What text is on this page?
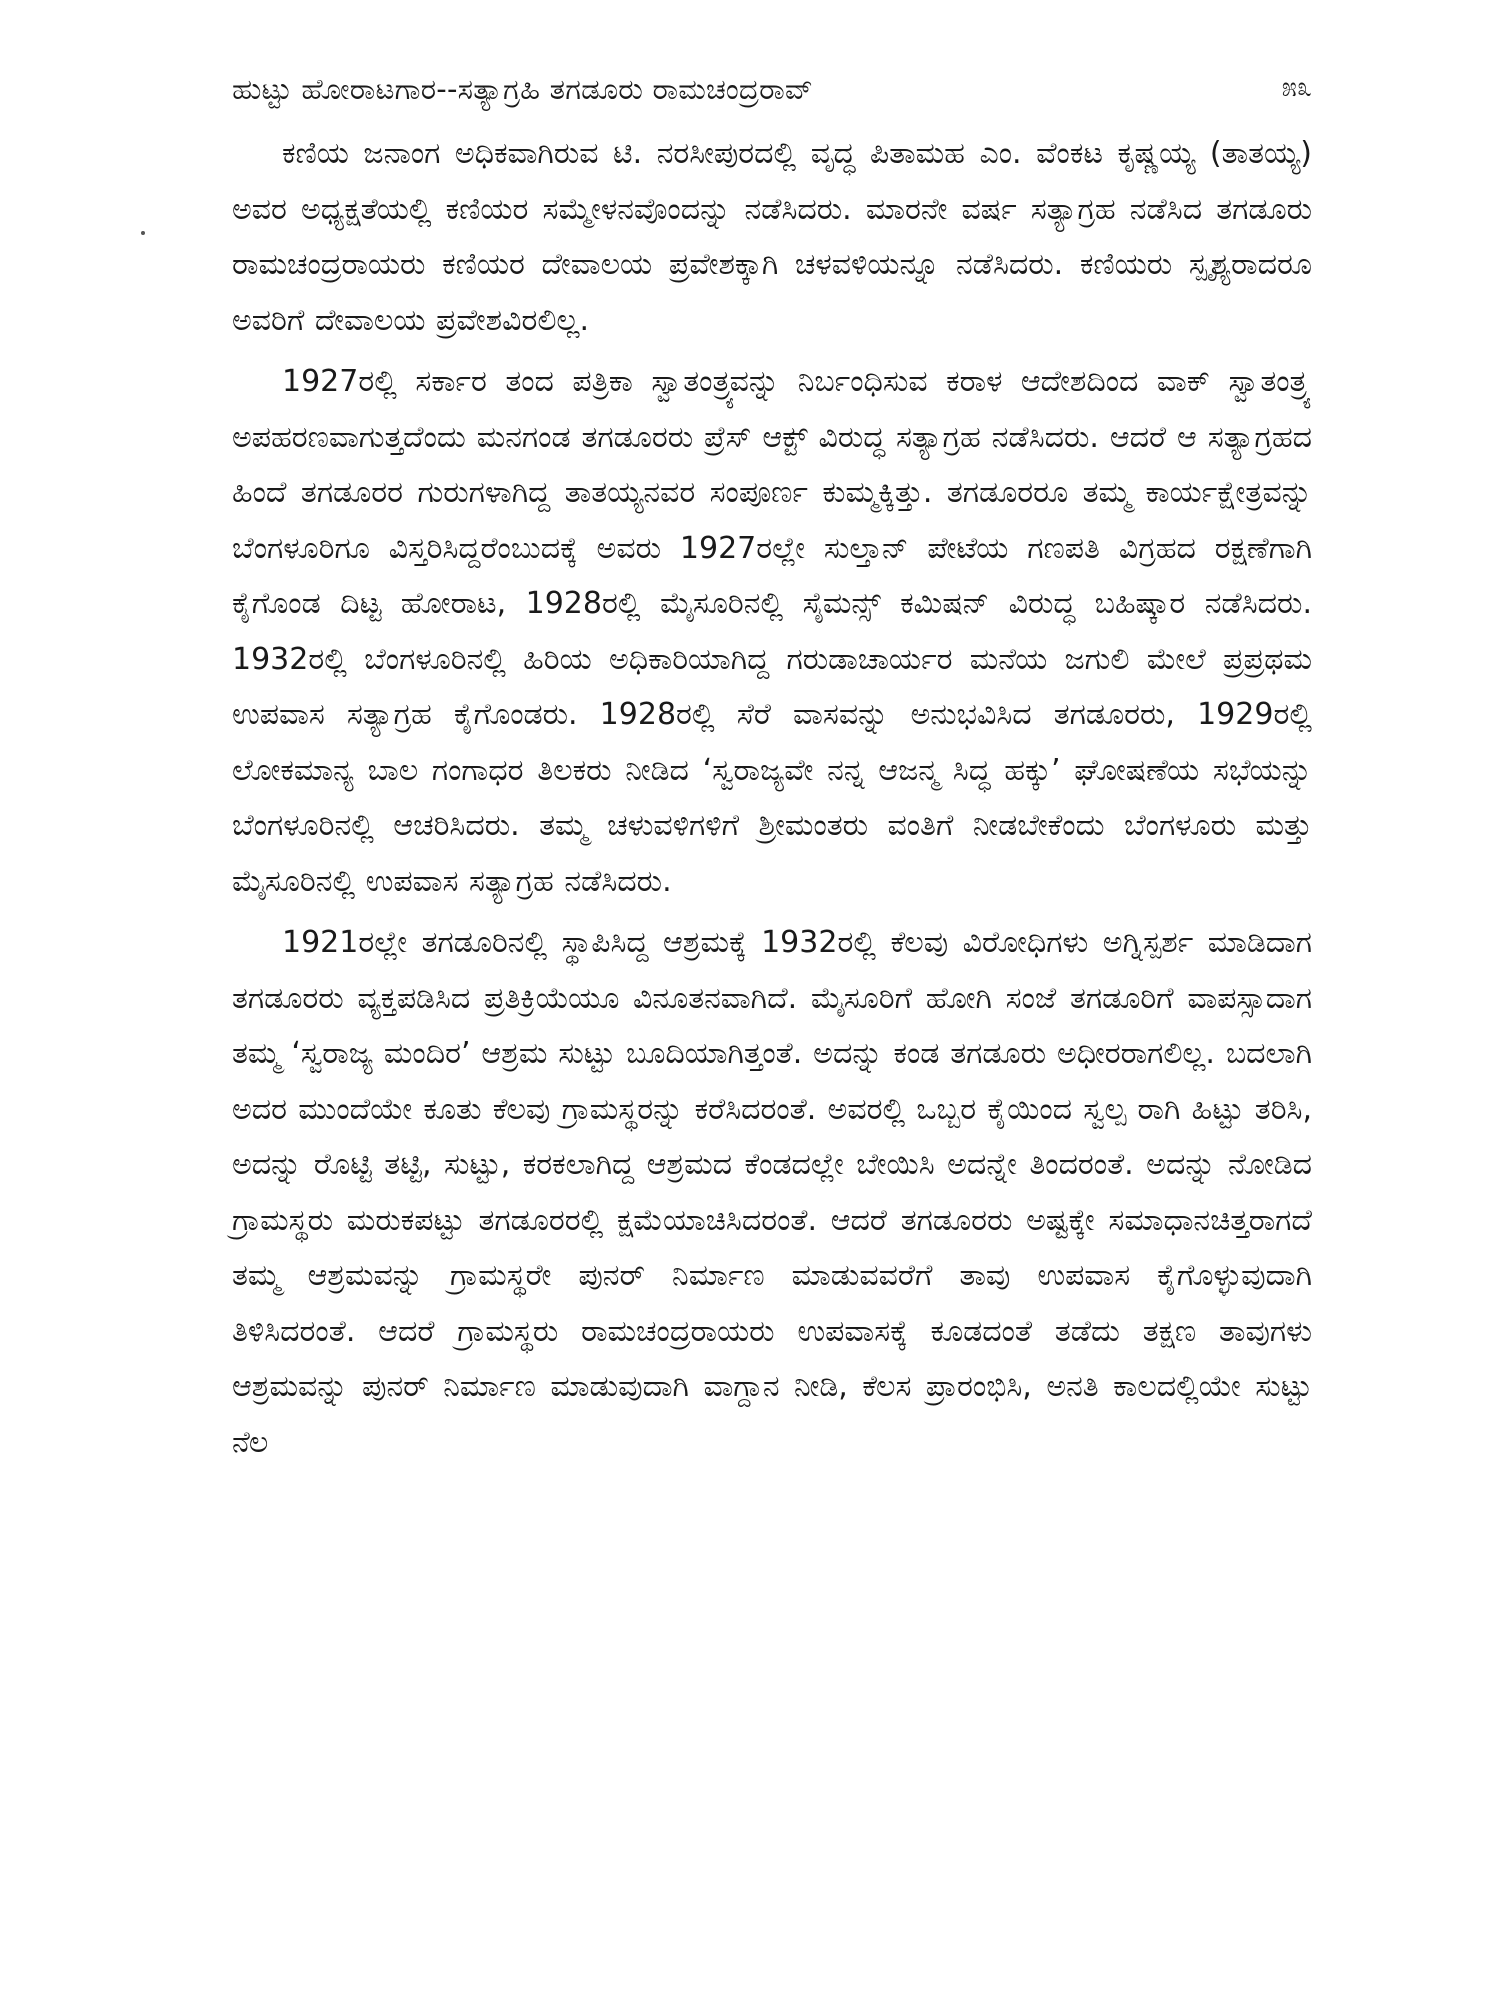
ಹುಟ್ಟು ಹೋರಾಟಗಾರ--ಸತ್ಯಾಗ್ರಹಿ ತಗಡೂರು ರಾಮಚಂದ್ರರಾವ್	೫೩

ಕಣಿಯ ಜನಾಂಗ ಅಧಿಕವಾಗಿರುವ ಟಿ. ನರಸೀಪುರದಲ್ಲಿ ವೃದ್ಧ ಪಿತಾಮಹ ಎಂ. ವೆಂಕಟ ಕೃಷ್ಣಯ್ಯ (ತಾತಯ್ಯ) ಅವರ ಅಧ್ಯಕ್ಷತೆಯಲ್ಲಿ ಕಣಿಯರ ಸಮ್ಮೇಳನವೊಂದನ್ನು ನಡೆಸಿದರು. ಮಾರನೇ ವರ್ಷ ಸತ್ಯಾಗ್ರಹ ನಡೆಸಿದ ತಗಡೂರು ರಾಮಚಂದ್ರರಾಯರು ಕಣಿಯರ ದೇವಾಲಯ ಪ್ರವೇಶಕ್ಕಾಗಿ ಚಳವಳಿಯನ್ನೂ ನಡೆಸಿದರು. ಕಣಿಯರು ಸ್ಪೃಶ್ಯರಾದರೂ ಅವರಿಗೆ ದೇವಾಲಯ ಪ್ರವೇಶವಿರಲಿಲ್ಲ.

1927ರಲ್ಲಿ ಸರ್ಕಾರ ತಂದ ಪತ್ರಿಕಾ ಸ್ವಾತಂತ್ರ್ಯವನ್ನು ನಿರ್ಬಂಧಿಸುವ ಕರಾಳ ಆದೇಶದಿಂದ ವಾಕ್ ಸ್ವಾತಂತ್ರ್ಯ ಅಪಹರಣವಾಗುತ್ತದೆಂದು ಮನಗಂಡ ತಗಡೂರರು ಪ್ರೆಸ್ ಆಕ್ಟ್ ವಿರುದ್ಧ ಸತ್ಯಾಗ್ರಹ ನಡೆಸಿದರು. ಆದರೆ ಆ ಸತ್ಯಾಗ್ರಹದ ಹಿಂದೆ ತಗಡೂರರ ಗುರುಗಳಾಗಿದ್ದ ತಾತಯ್ಯನವರ ಸಂಪೂರ್ಣ ಕುಮ್ಮಕ್ಕಿತ್ತು. ತಗಡೂರರೂ ತಮ್ಮ ಕಾರ್ಯಕ್ಷೇತ್ರವನ್ನು ಬೆಂಗಳೂರಿಗೂ ವಿಸ್ತರಿಸಿದ್ದರೆಂಬುದಕ್ಕೆ ಅವರು 1927ರಲ್ಲೇ ಸುಲ್ತಾನ್ ಪೇಟೆಯ ಗಣಪತಿ ವಿಗ್ರಹದ ರಕ್ಷಣೆಗಾಗಿ ಕೈಗೊಂಡ ದಿಟ್ಟ ಹೋರಾಟ, 1928ರಲ್ಲಿ ಮೈಸೂರಿನಲ್ಲಿ ಸೈಮನ್ಸ್ ಕಮಿಷನ್ ವಿರುದ್ಧ ಬಹಿಷ್ಕಾರ ನಡೆಸಿದರು. 1932ರಲ್ಲಿ ಬೆಂಗಳೂರಿನಲ್ಲಿ ಹಿರಿಯ ಅಧಿಕಾರಿಯಾಗಿದ್ದ ಗರುಡಾಚಾರ್ಯರ ಮನೆಯ ಜಗುಲಿ ಮೇಲೆ ಪ್ರಪ್ರಥಮ ಉಪವಾಸ ಸತ್ಯಾಗ್ರಹ ಕೈಗೊಂಡರು. 1928ರಲ್ಲಿ ಸೆರೆ ವಾಸವನ್ನು ಅನುಭವಿಸಿದ ತಗಡೂರರು, 1929ರಲ್ಲಿ ಲೋಕಮಾನ್ಯ ಬಾಲ ಗಂಗಾಧರ ತಿಲಕರು ನೀಡಿದ ‘ಸ್ವರಾಜ್ಯವೇ ನನ್ನ ಆಜನ್ಮ ಸಿದ್ಧ ಹಕ್ಕು’ ಘೋಷಣೆಯ ಸಭೆಯನ್ನು ಬೆಂಗಳೂರಿನಲ್ಲಿ ಆಚರಿಸಿದರು. ತಮ್ಮ ಚಳುವಳಿಗಳಿಗೆ ಶ್ರೀಮಂತರು ವಂತಿಗೆ ನೀಡಬೇಕೆಂದು ಬೆಂಗಳೂರು ಮತ್ತು ಮೈಸೂರಿನಲ್ಲಿ ಉಪವಾಸ ಸತ್ಯಾಗ್ರಹ ನಡೆಸಿದರು.

1921ರಲ್ಲೇ ತಗಡೂರಿನಲ್ಲಿ ಸ್ಥಾಪಿಸಿದ್ದ ಆಶ್ರಮಕ್ಕೆ 1932ರಲ್ಲಿ ಕೆಲವು ವಿರೋಧಿಗಳು ಅಗ್ನಿಸ್ಪರ್ಶ ಮಾಡಿದಾಗ ತಗಡೂರರು ವ್ಯಕ್ತಪಡಿಸಿದ ಪ್ರತಿಕ್ರಿಯೆಯೂ ವಿನೂತನವಾಗಿದೆ. ಮೈಸೂರಿಗೆ ಹೋಗಿ ಸಂಜೆ ತಗಡೂರಿಗೆ ವಾಪಸ್ಸಾದಾಗ ತಮ್ಮ ‘ಸ್ವರಾಜ್ಯ ಮಂದಿರ’ ಆಶ್ರಮ ಸುಟ್ಟು ಬೂದಿಯಾಗಿತ್ತಂತೆ. ಅದನ್ನು ಕಂಡ ತಗಡೂರು ಅಧೀರರಾಗಲಿಲ್ಲ. ಬದಲಾಗಿ ಅದರ ಮುಂದೆಯೇ ಕೂತು ಕೆಲವು ಗ್ರಾಮಸ್ಥರನ್ನು ಕರೆಸಿದರಂತೆ. ಅವರಲ್ಲಿ ಒಬ್ಬರ ಕೈಯಿಂದ ಸ್ವಲ್ಪ ರಾಗಿ ಹಿಟ್ಟು ತರಿಸಿ, ಅದನ್ನು ರೊಟ್ಟಿ ತಟ್ಟಿ, ಸುಟ್ಟು, ಕರಕಲಾಗಿದ್ದ ಆಶ್ರಮದ ಕೆಂಡದಲ್ಲೇ ಬೇಯಿಸಿ ಅದನ್ನೇ ತಿಂದರಂತೆ. ಅದನ್ನು ನೋಡಿದ ಗ್ರಾಮಸ್ಥರು ಮರುಕಪಟ್ಟು ತಗಡೂರರಲ್ಲಿ ಕ್ಷಮೆಯಾಚಿಸಿದರಂತೆ. ಆದರೆ ತಗಡೂರರು ಅಷ್ಟಕ್ಕೇ ಸಮಾಧಾನಚಿತ್ತರಾಗದೆ ತಮ್ಮ ಆಶ್ರಮವನ್ನು ಗ್ರಾಮಸ್ಥರೇ ಪುನರ್ ನಿರ್ಮಾಣ ಮಾಡುವವರೆಗೆ ತಾವು ಉಪವಾಸ ಕೈಗೊಳ್ಳುವುದಾಗಿ ತಿಳಿಸಿದರಂತೆ. ಆದರೆ ಗ್ರಾಮಸ್ಥರು ರಾಮಚಂದ್ರರಾಯರು ಉಪವಾಸಕ್ಕೆ ಕೂಡದಂತೆ ತಡೆದು ತಕ್ಷಣ ತಾವುಗಳು ಆಶ್ರಮವನ್ನು ಪುನರ್ ನಿರ್ಮಾಣ ಮಾಡುವುದಾಗಿ ವಾಗ್ದಾನ ನೀಡಿ, ಕೆಲಸ ಪ್ರಾರಂಭಿಸಿ, ಅನತಿ ಕಾಲದಲ್ಲಿಯೇ ಸುಟ್ಟು ನೆಲ
